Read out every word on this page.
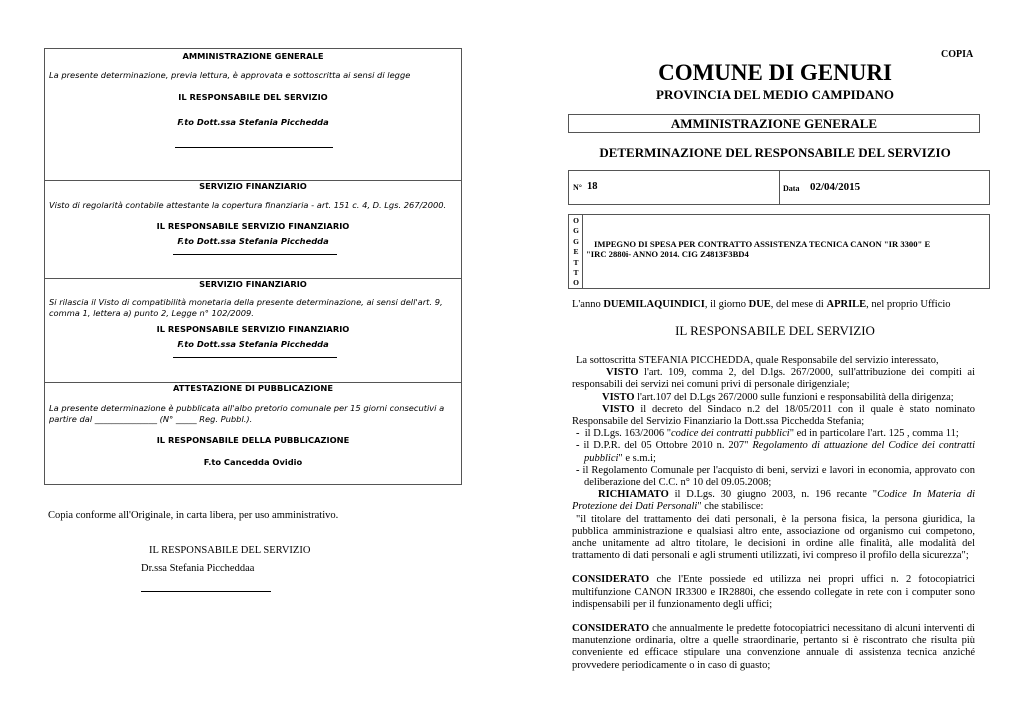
AMMINISTRAZIONE GENERALE
La presente determinazione, previa lettura, è approvata e sottoscritta ai sensi di legge
IL RESPONSABILE DEL SERVIZIO
F.to Dott.ssa Stefania Picchedda
SERVIZIO FINANZIARIO
Visto di regolarità contabile attestante la copertura finanziaria - art. 151 c. 4, D. Lgs. 267/2000.
IL RESPONSABILE SERVIZIO FINANZIARIO
F.to Dott.ssa Stefania Picchedda
SERVIZIO FINANZIARIO
Si rilascia il Visto di compatibilità monetaria della presente determinazione, ai sensi dell'art. 9, comma 1, lettera a) punto 2, Legge n° 102/2009.
IL RESPONSABILE SERVIZIO FINANZIARIO
F.to Dott.ssa Stefania Picchedda
ATTESTAZIONE DI PUBBLICAZIONE
La presente determinazione è pubblicata all'albo pretorio comunale per 15 giorni consecutivi a partire dal _______________ (N° _____ Reg. Pubbl.).
IL RESPONSABILE DELLA PUBBLICAZIONE
F.to Cancedda Ovidio
Copia conforme all'Originale, in carta libera, per uso amministrativo.
IL RESPONSABILE DEL SERVIZIO
Dr.ssa Stefania Piccheddaa
COPIA
COMUNE DI GENURI
PROVINCIA DEL MEDIO CAMPIDANO
AMMINISTRAZIONE GENERALE
DETERMINAZIONE DEL RESPONSABILE DEL SERVIZIO
N° 18	Data 02/04/2015
O
G
G
E
T
T
O
IMPEGNO DI SPESA PER CONTRATTO ASSISTENZA TECNICA CANON "IR 3300" E
"IRC 2880i- ANNO 2014. CIG Z4813F3BD4
L'anno DUEMILAQUINDICI, il giorno DUE, del mese di APRILE, nel proprio Ufficio
IL RESPONSABILE DEL SERVIZIO

La sottoscritta STEFANIA PICCHEDDA, quale Responsabile del servizio interessato,

VISTO l'art. 109, comma 2, del D.lgs. 267/2000, sull'attribuzione dei compiti ai responsabili dei servizi nei comuni privi di personale dirigenziale;

VISTO l'art.107 del D.Lgs 267/2000 sulle funzioni e responsabilità della dirigenza;

VISTO il decreto del Sindaco n.2 del 18/05/2011 con il quale è stato nominato Responsabile del Servizio Finanziario la Dott.ssa Picchedda Stefania;

- il D.Lgs. 163/2006 "codice dei contratti pubblici" ed in particolare l'art. 125 , comma 11;

- il D.P.R. del 05 Ottobre 2010 n. 207" Regolamento di attuazione del Codice dei contratti pubblici" e s.m.i;

- il Regolamento Comunale per l'acquisto di beni, servizi e lavori in economia, approvato con deliberazione del C.C. n° 10 del 09.05.2008;

RICHIAMATO il D.Lgs. 30 giugno 2003, n. 196 recante "Codice In Materia di Protezione dei Dati Personali" che stabilisce:

"il titolare del trattamento dei dati personali, è la persona fisica, la persona giuridica, la pubblica amministrazione e qualsiasi altro ente, associazione od organismo cui competono, anche unitamente ad altro titolare, le decisioni in ordine alle finalità, alle modalità del trattamento di dati personali e agli strumenti utilizzati, ivi compreso il profilo della sicurezza";

CONSIDERATO che l'Ente possiede ed utilizza nei propri uffici n. 2 fotocopiatrici multifunzione CANON IR3300 e IR2880i, che essendo collegate in rete con i computer sono indispensabili per il funzionamento degli uffici;

CONSIDERATO che annualmente le predette fotocopiatrici necessitano di alcuni interventi di manutenzione ordinaria, oltre a quelle straordinarie, pertanto si è riscontrato che risulta più conveniente ed efficace stipulare una convenzione annuale di assistenza tecnica anziché provvedere periodicamente o in caso di guasto;
